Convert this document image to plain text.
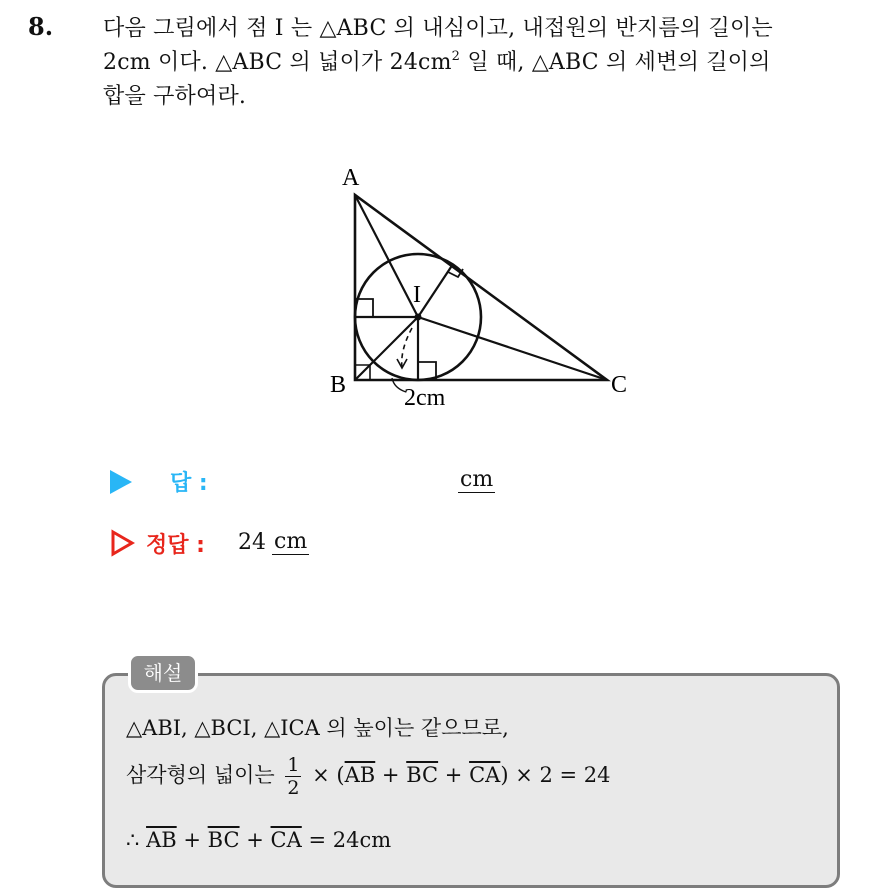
8. 다음 그림에서 점 I 는 △ABC 의 내심이고, 내접원의 반지름의 길이는
2cm 이다. △ABC 의 넓이가 $24cm^2$ 일 때, △ABC 의 세변의 길이의
합을 구하여라.
A
B	C
I
2cm
답 :	cm
정답 : 24 cm
해설
△ABI, △BCI, △ICA 의 높이는 같으므로,
삼각형의 넓이는 $\frac{1}{2} \times (\overline{AB} + \overline{BC} + \overline{CA}) \times 2 = 24$
∴ $\overline{AB} + \overline{BC} + \overline{CA} = 24cm$
